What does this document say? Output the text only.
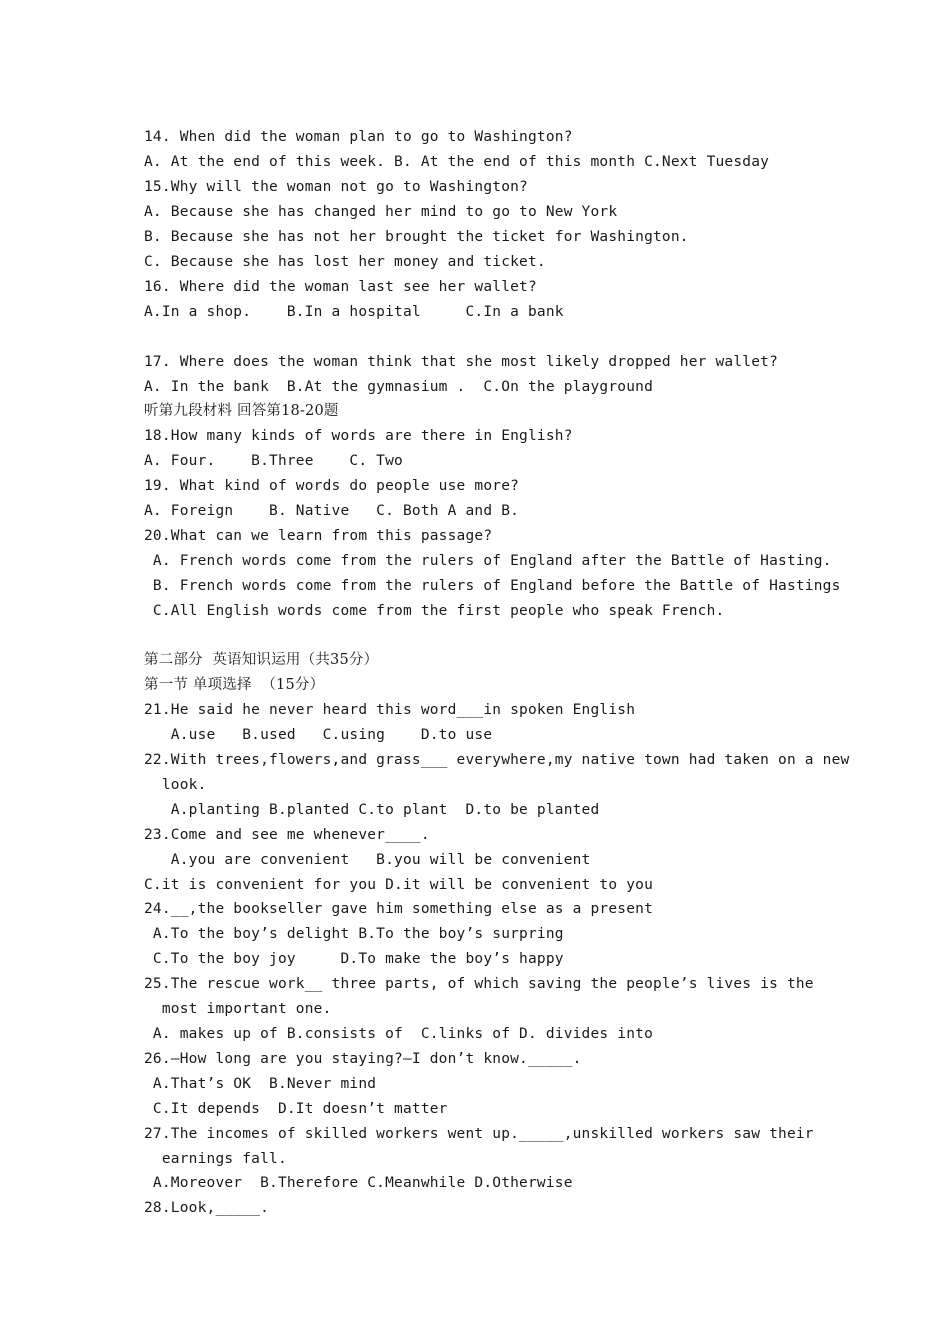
14. When did the woman plan to go to Washington?
A. At the end of this week. B. At the end of this month C.Next Tuesday
15.Why will the woman not go to Washington?
A. Because she has changed her mind to go to New York
B. Because she has not her brought the ticket for Washington.
C. Because she has lost her money and ticket.
16. Where did the woman last see her wallet?
A.In a shop.    B.In a hospital     C.In a bank
17. Where does the woman think that she most likely dropped her wallet?
A. In the bank  B.At the gymnasium .  C.On the playground
听第九段材料 回答第18-20题
18.How many kinds of words are there in English?
A. Four.    B.Three    C. Two
19. What kind of words do people use more?
A. Foreign    B. Native   C. Both A and B.
20.What can we learn from this passage?
A. French words come from the rulers of England after the Battle of Hasting.
B. French words come from the rulers of England before the Battle of Hastings
C.All English words come from the first people who speak French.
第二部分  英语知识运用（共35分）
第一节 单项选择  （15分）
21.He said he never heard this word___in spoken English
A.use   B.used   C.using    D.to use
22.With trees,flowers,and grass___ everywhere,my native town had taken on a new
look.
A.planting B.planted C.to plant  D.to be planted
23.Come and see me whenever____.
A.you are convenient   B.you will be convenient
C.it is convenient for you D.it will be convenient to you
24.__,the bookseller gave him something else as a present
A.To the boy’s delight B.To the boy’s surpring
C.To the boy joy     D.To make the boy’s happy
25.The rescue work__ three parts, of which saving the people’s lives is the
most important one.
A. makes up of B.consists of  C.links of D. divides into
26.—How long are you staying?—I don’t know._____.
A.That’s OK  B.Never mind
C.It depends  D.It doesn’t matter
27.The incomes of skilled workers went up._____,unskilled workers saw their
earnings fall.
A.Moreover  B.Therefore C.Meanwhile D.Otherwise
28.Look,_____.
